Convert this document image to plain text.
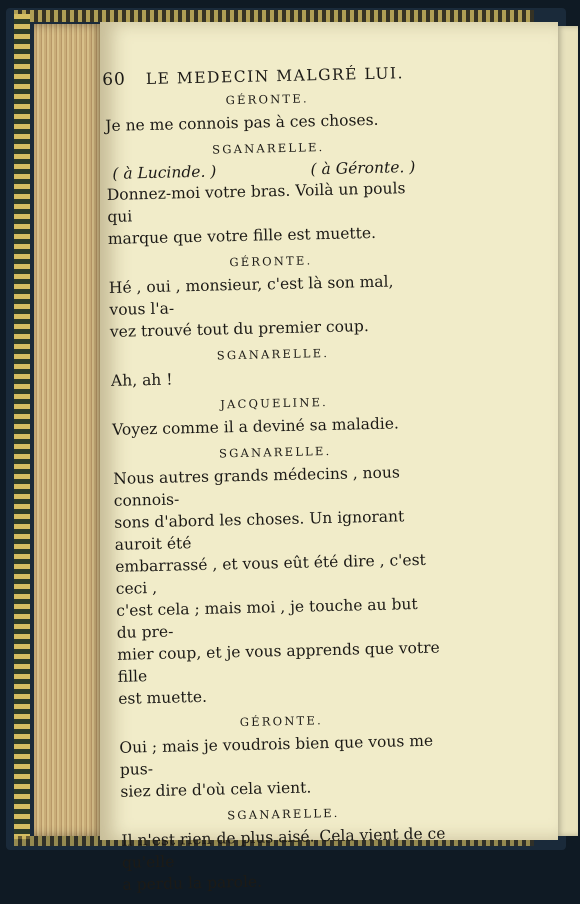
60 LE MEDECIN MALGRÉ LUI.
GÉRONTE.
Je ne me connois pas à ces choses.
SGANARELLE.
( à Lucinde. )	( à Géronte. )
Donnez-moi votre bras. Voilà un pouls qui
marque que votre fille est muette.
GÉRONTE.
Hé , oui , monsieur, c'est là son mal, vous l'a-
vez trouvé tout du premier coup.
SGANARELLE.
Ah, ah !
JACQUELINE.
Voyez comme il a deviné sa maladie.
SGANARELLE.
Nous autres grands médecins , nous connois-
sons d'abord les choses. Un ignorant auroit été
embarrassé , et vous eût été dire , c'est ceci ,
c'est cela ; mais moi , je touche au but du pre-
mier coup, et je vous apprends que votre fille
est muette.
GÉRONTE.
Oui ; mais je voudrois bien que vous me pus-
siez dire d'où cela vient.
SGANARELLE.
Il n'est rien de plus aisé. Cela vient de ce qu'elle
a perdu la parole.
